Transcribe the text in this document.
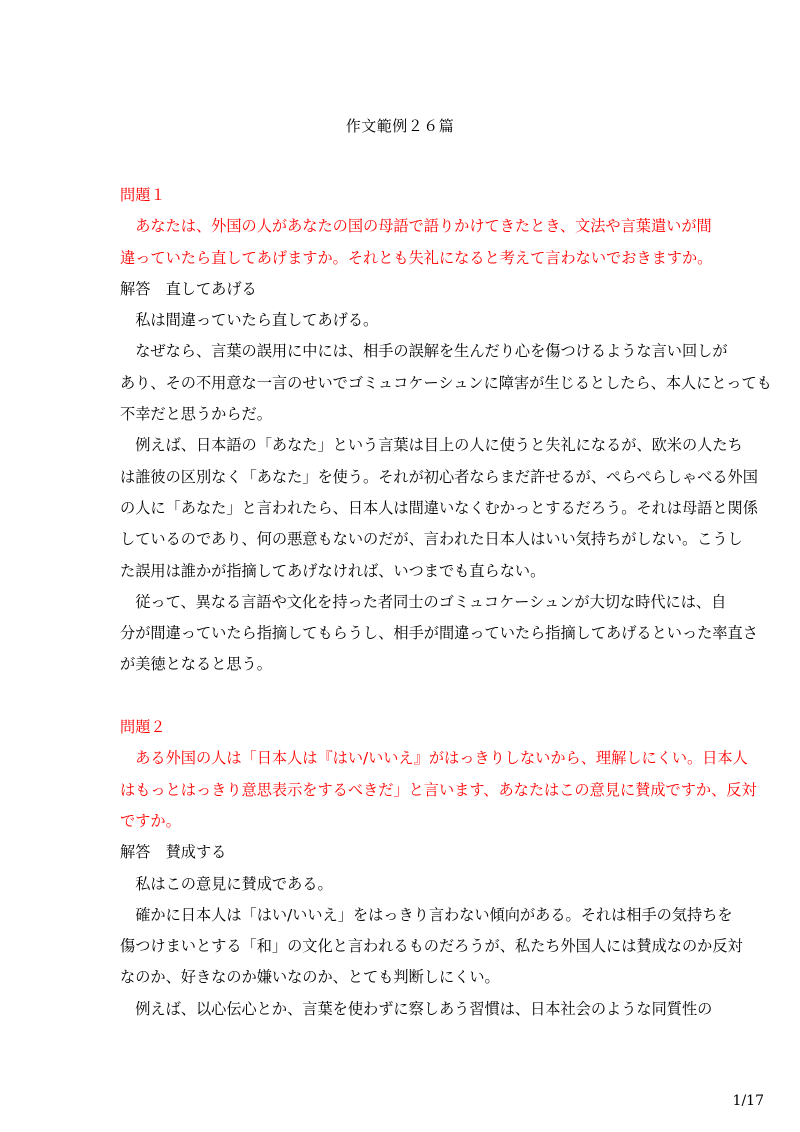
作文範例２６篇
問題１
あなたは、外国の人があなたの国の母語で語りかけてきたとき、文法や言葉遣いが間
違っていたら直してあげますか。それとも失礼になると考えて言わないでおきますか。
解答　直してあげる
私は間違っていたら直してあげる。
なぜなら、言葉の誤用に中には、相手の誤解を生んだり心を傷つけるような言い回しが
あり、その不用意な一言のせいでゴミュコケーシュンに障害が生じるとしたら、本人にとっても
不幸だと思うからだ。
例えば、日本語の「あなた」という言葉は目上の人に使うと失礼になるが、欧米の人たち
は誰彼の区別なく「あなた」を使う。それが初心者ならまだ許せるが、ぺらぺらしゃべる外国
の人に「あなた」と言われたら、日本人は間違いなくむかっとするだろう。それは母語と関係
しているのであり、何の悪意もないのだが、言われた日本人はいい気持ちがしない。こうし
た誤用は誰かが指摘してあげなければ、いつまでも直らない。
従って、異なる言語や文化を持った者同士のゴミュコケーシュンが大切な時代には、自
分が間違っていたら指摘してもらうし、相手が間違っていたら指摘してあげるといった率直さ
が美徳となると思う。
問題２
ある外国の人は「日本人は『はい/いいえ』がはっきりしないから、理解しにくい。日本人
はもっとはっきり意思表示をするべきだ」と言います、あなたはこの意見に賛成ですか、反対
ですか。
解答　賛成する
私はこの意見に賛成である。
確かに日本人は「はい/いいえ」をはっきり言わない傾向がある。それは相手の気持ちを
傷つけまいとする「和」の文化と言われるものだろうが、私たち外国人には賛成なのか反対
なのか、好きなのか嫌いなのか、とても判断しにくい。
例えば、以心伝心とか、言葉を使わずに察しあう習慣は、日本社会のような同質性の
1/17
